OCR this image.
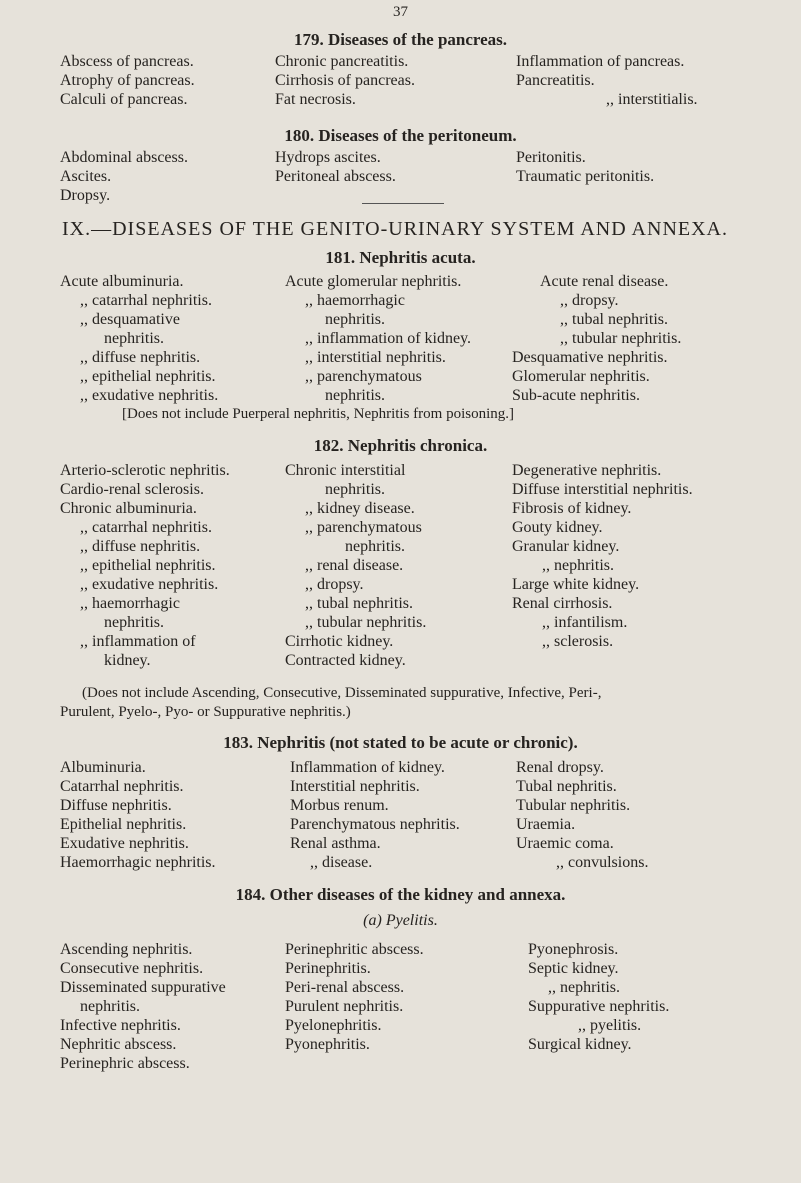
37
179. Diseases of the pancreas.
Abscess of pancreas.
Atrophy of pancreas.
Calculi of pancreas.
Chronic pancreatitis.
Cirrhosis of pancreas.
Fat necrosis.
Inflammation of pancreas.
Pancreatitis.
,, interstitialis.
180. Diseases of the peritoneum.
Abdominal abscess.
Ascites.
Dropsy.
Hydrops ascites.
Peritoneal abscess.
Peritonitis.
Traumatic peritonitis.
IX.—DISEASES OF THE GENITO-URINARY SYSTEM AND ANNEXA.
181. Nephritis acuta.
Acute albuminuria.
,, catarrhal nephritis.
,, desquamative
nephritis.
,, diffuse nephritis.
,, epithelial nephritis.
,, exudative nephritis.
Acute glomerular nephritis.
,, haemorrhagic
nephritis.
,, inflammation of kidney.
,, interstitial nephritis.
,, parenchymatous
nephritis.
Acute renal disease.
,, dropsy.
,, tubal nephritis.
,, tubular nephritis.
Desquamative nephritis.
Glomerular nephritis.
Sub-acute nephritis.
[Does not include Puerperal nephritis, Nephritis from poisoning.]
182. Nephritis chronica.
Arterio-sclerotic nephritis.
Cardio-renal sclerosis.
Chronic albuminuria.
,, catarrhal nephritis.
,, diffuse nephritis.
,, epithelial nephritis.
,, exudative nephritis.
,, haemorrhagic
nephritis.
,, inflammation of
kidney.
Chronic interstitial
nephritis.
,, kidney disease.
,, parenchymatous
nephritis.
,, renal disease.
,, dropsy.
,, tubal nephritis.
,, tubular nephritis.
Cirrhotic kidney.
Contracted kidney.
Degenerative nephritis.
Diffuse interstitial nephritis.
Fibrosis of kidney.
Gouty kidney.
Granular kidney.
,, nephritis.
Large white kidney.
Renal cirrhosis.
,, infantilism.
,, sclerosis.
(Does not include Ascending, Consecutive, Disseminated suppurative, Infective, Peri-,
Purulent, Pyelo-, Pyo- or Suppurative nephritis.)
183. Nephritis (not stated to be acute or chronic).
Albuminuria.
Catarrhal nephritis.
Diffuse nephritis.
Epithelial nephritis.
Exudative nephritis.
Haemorrhagic nephritis.
Inflammation of kidney.
Interstitial nephritis.
Morbus renum.
Parenchymatous nephritis.
Renal asthma.
,, disease.
Renal dropsy.
Tubal nephritis.
Tubular nephritis.
Uraemia.
Uraemic coma.
,, convulsions.
184. Other diseases of the kidney and annexa.
(a) Pyelitis.
Ascending nephritis.
Consecutive nephritis.
Disseminated suppurative
nephritis.
Infective nephritis.
Nephritic abscess.
Perinephric abscess.
Perinephritic abscess.
Perinephritis.
Peri-renal abscess.
Purulent nephritis.
Pyelonephritis.
Pyonephritis.
Pyonephrosis.
Septic kidney.
,, nephritis.
Suppurative nephritis.
,, pyelitis.
Surgical kidney.
